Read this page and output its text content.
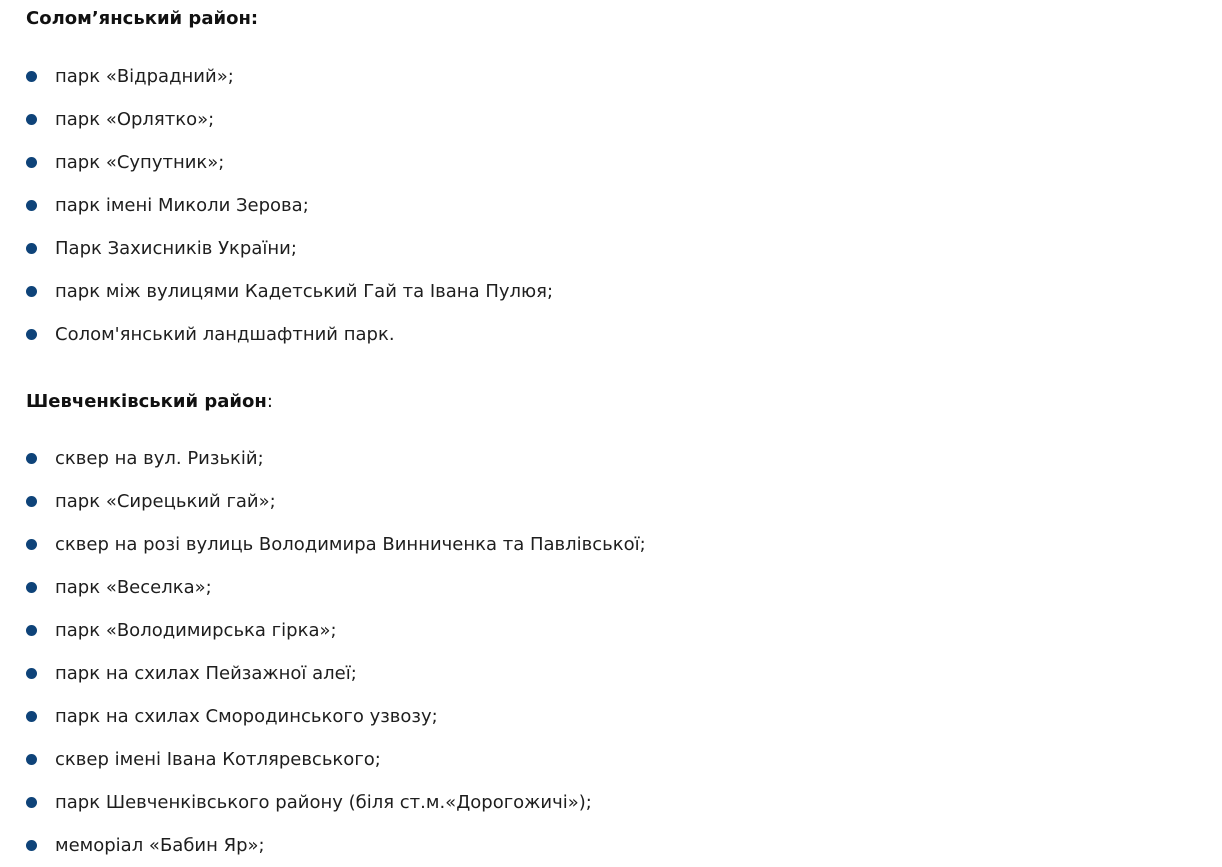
Солом’янський район:
парк «Відрадний»;
парк «Орлятко»;
парк «Супутник»;
парк імені Миколи Зерова;
Парк Захисників України;
парк між вулицями Кадетський Гай та Івана Пулюя;
Солом'янський ландшафтний парк.
Шевченківський район:
сквер на вул. Ризькій;
парк «Сирецький гай»;
сквер на розі вулиць Володимира Винниченка та Павлівської;
парк «Веселка»;
парк «Володимирська гірка»;
парк на схилах Пейзажної алеї;
парк на схилах Смородинського узвозу;
сквер імені Івана Котляревського;
парк Шевченківського району (біля ст.м.«Дорогожичі»);
меморіал «Бабин Яр»;
